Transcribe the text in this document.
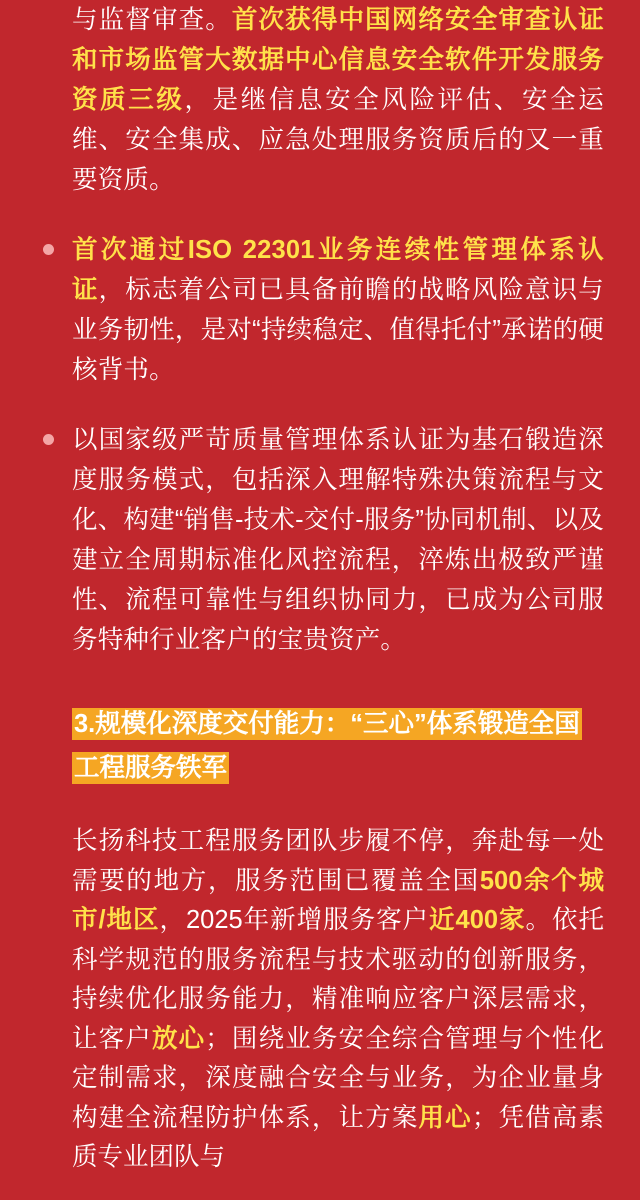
与监督审查。首次获得中国网络安全审查认证和市场监管大数据中心信息安全软件开发服务资质三级，是继信息安全风险评估、安全运维、安全集成、应急处理服务资质后的又一重要资质。

首次通过ISO 22301业务连续性管理体系认证，标志着公司已具备前瞻的战略风险意识与业务韧性，是对“持续稳定、值得托付”承诺的硬核背书。

以国家级严苛质量管理体系认证为基石锻造深度服务模式，包括深入理解特殊决策流程与文化、构建“销售-技术-交付-服务”协同机制、以及建立全周期标准化风控流程，淬炼出极致严谨性、流程可靠性与组织协同力，已成为公司服务特种行业客户的宝贵资产。

3.规模化深度交付能力：“三心”体系锻造全国
工程服务铁军

长扬科技工程服务团队步履不停，奔赴每一处需要的地方，服务范围已覆盖全国500余个城市/地区，2025年新增服务客户近400家。依托科学规范的服务流程与技术驱动的创新服务，持续优化服务能力，精准响应客户深层需求，让客户放心；围绕业务安全综合管理与个性化定制需求，深度融合安全与业务，为企业量身构建全流程防护体系，让方案用心；凭借高素质专业团队与
